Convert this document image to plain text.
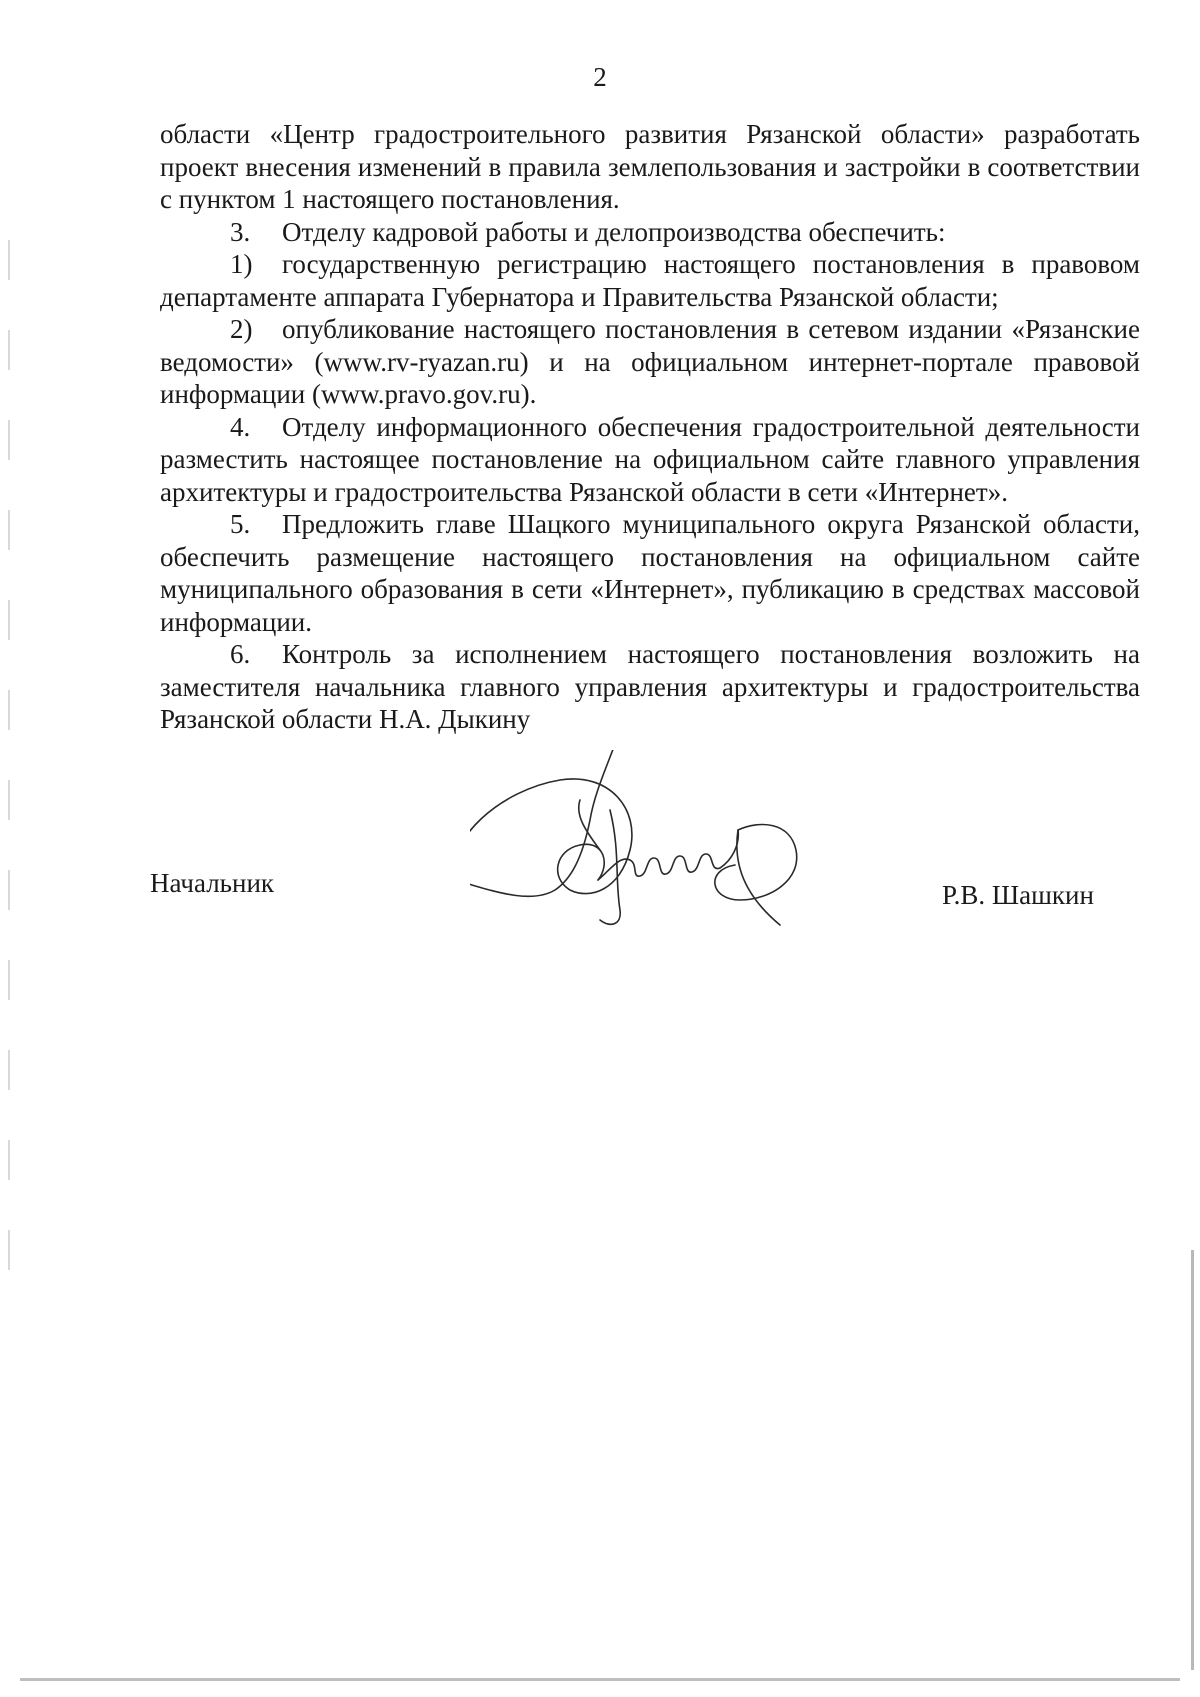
2

области «Центр градостроительного развития Рязанской области» разработать проект внесения изменений в правила землепользования и застройки в соответствии с пунктом 1 настоящего постановления.

3. Отделу кадровой работы и делопроизводства обеспечить:

1) государственную регистрацию настоящего постановления в правовом департаменте аппарата Губернатора и Правительства Рязанской области;

2) опубликование настоящего постановления в сетевом издании «Рязанские ведомости» (www.rv-ryazan.ru) и на официальном интернет-портале правовой информации (www.pravo.gov.ru).

4. Отделу информационного обеспечения градостроительной деятельности разместить настоящее постановление на официальном сайте главного управления архитектуры и градостроительства Рязанской области в сети «Интернет».

5. Предложить главе Шацкого муниципального округа Рязанской области, обеспечить размещение настоящего постановления на официальном сайте муниципального образования в сети «Интернет», публикацию в средствах массовой информации.

6. Контроль за исполнением настоящего постановления возложить на заместителя начальника главного управления архитектуры и градостроительства Рязанской области Н.А. Дыкину

Начальник	Р.В. Шашкин
